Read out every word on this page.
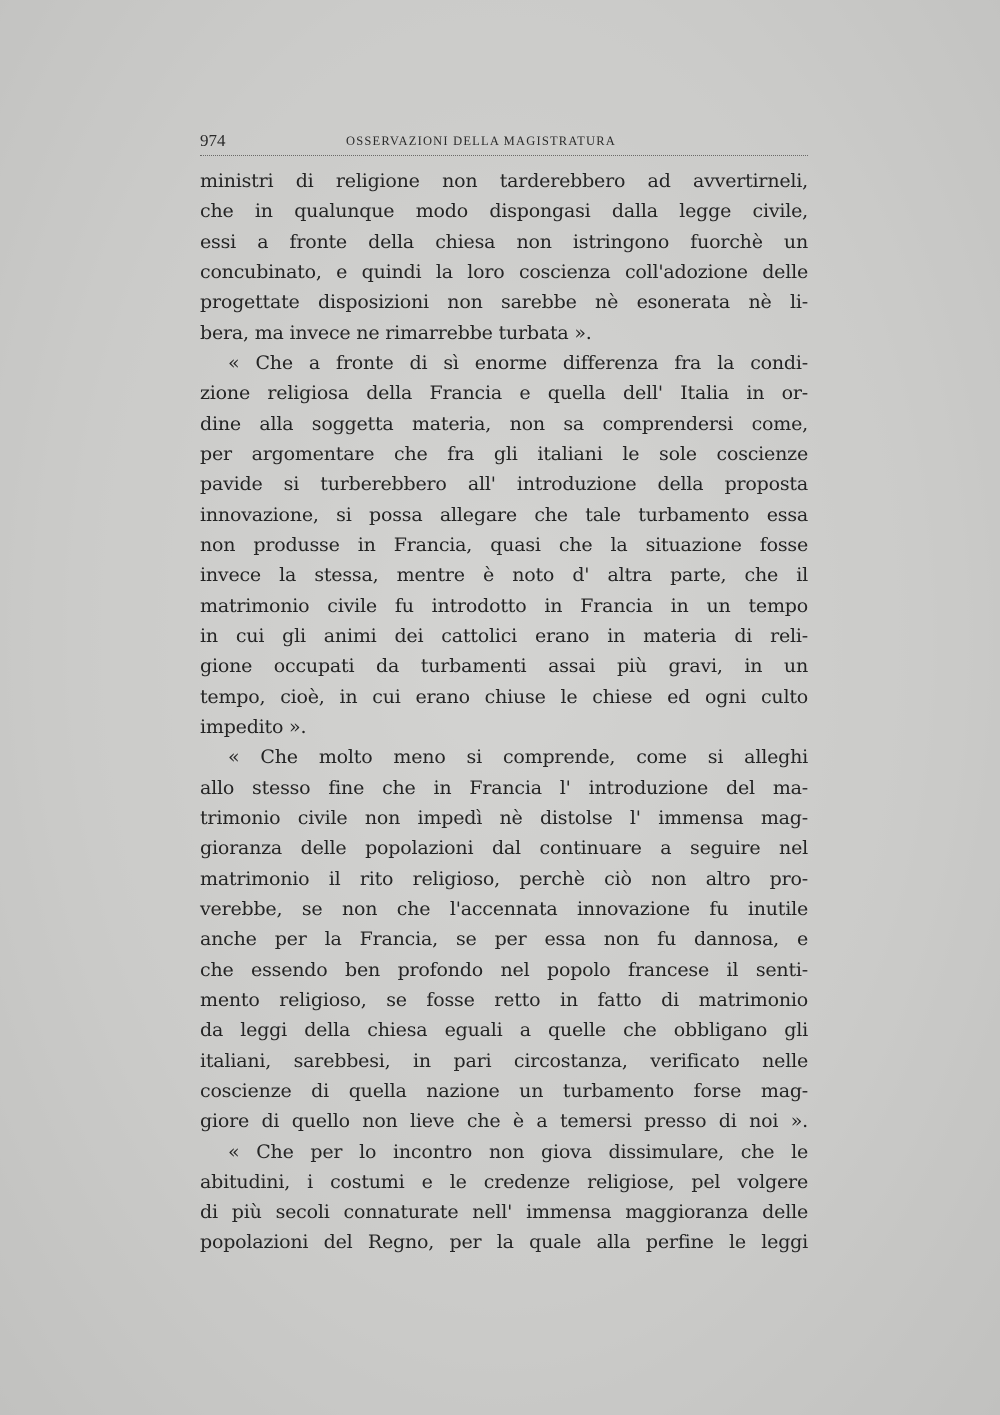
974	OSSERVAZIONI DELLA MAGISTRATURA
ministri di religione non tarderebbero ad avvertirneli,
che in qualunque modo dispongasi dalla legge civile,
essi a fronte della chiesa non istringono fuorchè un
concubinato, e quindi la loro coscienza coll'adozione delle
progettate disposizioni non sarebbe nè esonerata nè li-
bera, ma invece ne rimarrebbe turbata ».
« Che a fronte di sì enorme differenza fra la condi-
zione religiosa della Francia e quella dell' Italia in or-
dine alla soggetta materia, non sa comprendersi come,
per argomentare che fra gli italiani le sole coscienze
pavide si turberebbero all' introduzione della proposta
innovazione, si possa allegare che tale turbamento essa
non produsse in Francia, quasi che la situazione fosse
invece la stessa, mentre è noto d' altra parte, che il
matrimonio civile fu introdotto in Francia in un tempo
in cui gli animi dei cattolici erano in materia di reli-
gione occupati da turbamenti assai più gravi, in un
tempo, cioè, in cui erano chiuse le chiese ed ogni culto
impedito ».
« Che molto meno si comprende, come si alleghi
allo stesso fine che in Francia l' introduzione del ma-
trimonio civile non impedì nè distolse l' immensa mag-
gioranza delle popolazioni dal continuare a seguire nel
matrimonio il rito religioso, perchè ciò non altro pro-
verebbe, se non che l'accennata innovazione fu inutile
anche per la Francia, se per essa non fu dannosa, e
che essendo ben profondo nel popolo francese il senti-
mento religioso, se fosse retto in fatto di matrimonio
da leggi della chiesa eguali a quelle che obbligano gli
italiani, sarebbesi, in pari circostanza, verificato nelle
coscienze di quella nazione un turbamento forse mag-
giore di quello non lieve che è a temersi presso di noi ».
« Che per lo incontro non giova dissimulare, che le
abitudini, i costumi e le credenze religiose, pel volgere
di più secoli connaturate nell' immensa maggioranza delle
popolazioni del Regno, per la quale alla perfine le leggi
